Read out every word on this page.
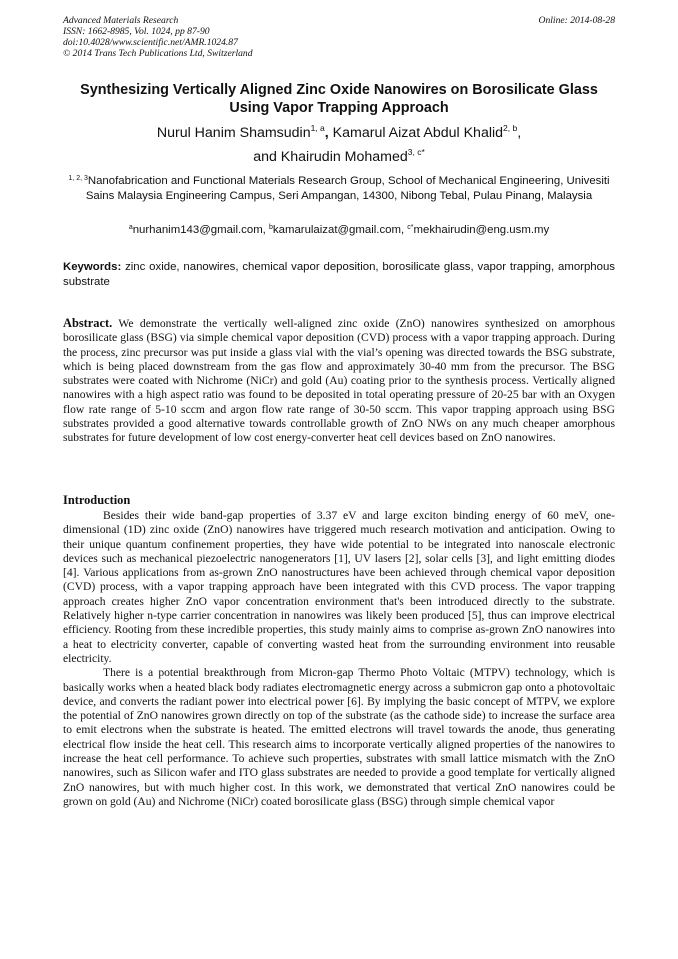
Advanced Materials Research
ISSN: 1662-8985, Vol. 1024, pp 87-90
doi:10.4028/www.scientific.net/AMR.1024.87
© 2014 Trans Tech Publications Ltd, Switzerland
Online: 2014-08-28
Synthesizing Vertically Aligned Zinc Oxide Nanowires on Borosilicate Glass Using Vapor Trapping Approach
Nurul Hanim Shamsudin$^{1, a}$, Kamarul Aizat Abdul Khalid$^{2, b}$,
and Khairudin Mohamed$^{3, c*}$
$^{1, 2, 3}$Nanofabrication and Functional Materials Research Group, School of Mechanical Engineering, Univesiti Sains Malaysia Engineering Campus, Seri Ampangan, 14300, Nibong Tebal, Pulau Pinang, Malaysia
$^a$nurhanim143@gmail.com, $^b$kamarulaizat@gmail.com, $^{c*}$mekhairudin@eng.usm.my
Keywords: zinc oxide, nanowires, chemical vapor deposition, borosilicate glass, vapor trapping, amorphous substrate

Abstract. We demonstrate the vertically well-aligned zinc oxide (ZnO) nanowires synthesized on amorphous borosilicate glass (BSG) via simple chemical vapor deposition (CVD) process with a vapor trapping approach. During the process, zinc precursor was put inside a glass vial with the vial’s opening was directed towards the BSG substrate, which is being placed downstream from the gas flow and approximately 30-40 mm from the precursor. The BSG substrates were coated with Nichrome (NiCr) and gold (Au) coating prior to the synthesis process. Vertically aligned nanowires with a high aspect ratio was found to be deposited in total operating pressure of 20-25 bar with an Oxygen flow rate range of 5-10 sccm and argon flow rate range of 30-50 sccm. This vapor trapping approach using BSG substrates provided a good alternative towards controllable growth of ZnO NWs on any much cheaper amorphous substrates for future development of low cost energy-converter heat cell devices based on ZnO nanowires.

Introduction

Besides their wide band-gap properties of 3.37 eV and large exciton binding energy of 60 meV, one-dimensional (1D) zinc oxide (ZnO) nanowires have triggered much research motivation and anticipation. Owing to their unique quantum confinement properties, they have wide potential to be integrated into nanoscale electronic devices such as mechanical piezoelectric nanogenerators [1], UV lasers [2], solar cells [3], and light emitting diodes [4]. Various applications from as-grown ZnO nanostructures have been achieved through chemical vapor deposition (CVD) process, with a vapor trapping approach have been integrated with this CVD process. The vapor trapping approach creates higher ZnO vapor concentration environment that's been introduced directly to the substrate. Relatively higher n-type carrier concentration in nanowires was likely been produced [5], thus can improve electrical efficiency. Rooting from these incredible properties, this study mainly aims to comprise as-grown ZnO nanowires into a heat to electricity converter, capable of converting wasted heat from the surrounding environment into reusable electricity.

There is a potential breakthrough from Micron-gap Thermo Photo Voltaic (MTPV) technology, which is basically works when a heated black body radiates electromagnetic energy across a submicron gap onto a photovoltaic device, and converts the radiant power into electrical power [6]. By implying the basic concept of MTPV, we explore the potential of ZnO nanowires grown directly on top of the substrate (as the cathode side) to increase the surface area to emit electrons when the substrate is heated. The emitted electrons will travel towards the anode, thus generating electrical flow inside the heat cell. This research aims to incorporate vertically aligned properties of the nanowires to increase the heat cell performance. To achieve such properties, substrates with small lattice mismatch with the ZnO nanowires, such as Silicon wafer and ITO glass substrates are needed to provide a good template for vertically aligned ZnO nanowires, but with much higher cost. In this work, we demonstrated that vertical ZnO nanowires could be grown on gold (Au) and Nichrome (NiCr) coated borosilicate glass (BSG) through simple chemical vapor
